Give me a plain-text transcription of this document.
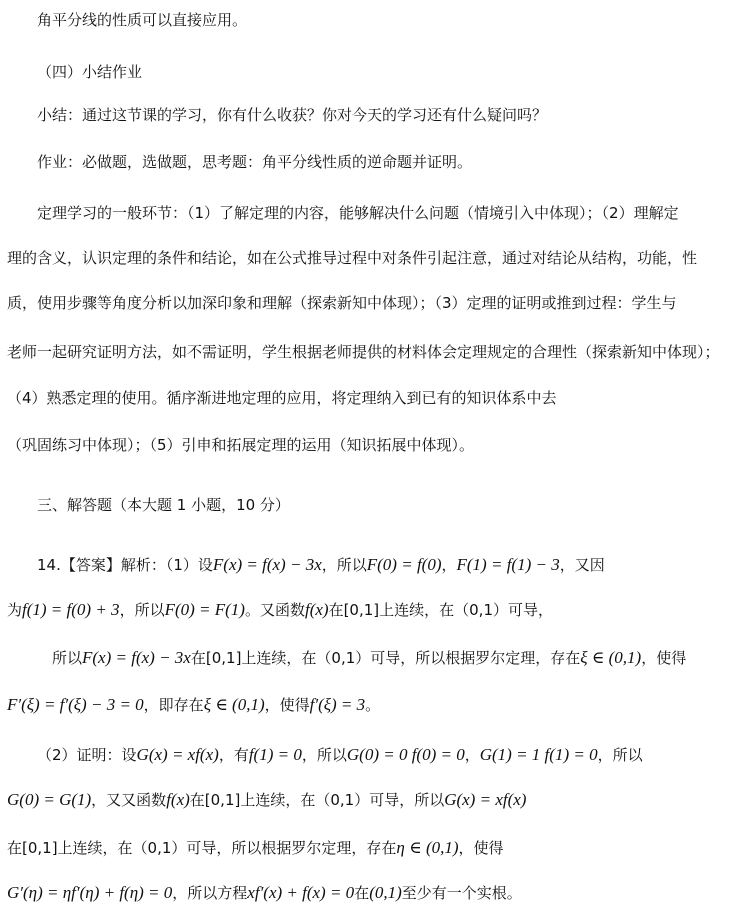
角平分线的性质可以直接应用。
（四）小结作业
小结：通过这节课的学习，你有什么收获？你对今天的学习还有什么疑问吗？
作业：必做题，选做题，思考题：角平分线性质的逆命题并证明。
定理学习的一般环节：（1）了解定理的内容，能够解决什么问题（情境引入中体现）；（2）理解定
理的含义，认识定理的条件和结论，如在公式推导过程中对条件引起注意，通过对结论从结构，功能，性
质，使用步骤等角度分析以加深印象和理解（探索新知中体现）；（3）定理的证明或推到过程：学生与
老师一起研究证明方法，如不需证明，学生根据老师提供的材料体会定理规定的合理性（探索新知中体现）；
（4）熟悉定理的使用。循序渐进地定理的应用，将定理纳入到已有的知识体系中去
（巩固练习中体现）；（5）引申和拓展定理的运用（知识拓展中体现）。
三、解答题（本大题 1 小题，10 分）
14.【答案】解析：（1）设F(x) = f(x) − 3x，所以F(0) = f(0)，F(1) = f(1) − 3，又因
为f(1) = f(0) + 3，所以F(0) = F(1)。又函数f(x)在[0,1]上连续，在（0,1）可导，
所以F(x) = f(x) − 3x在[0,1]上连续，在（0,1）可导，所以根据罗尔定理，存在ξ ∈ (0,1)，使得
F′(ξ) = f′(ξ) − 3 = 0，即存在ξ ∈ (0,1)，使得f′(ξ) = 3。
（2）证明：设G(x) = xf(x)，有f(1) = 0，所以G(0) = 0 f(0) = 0，G(1) = 1 f(1) = 0，所以
G(0) = G(1)，又又函数f(x)在[0,1]上连续，在（0,1）可导，所以G(x) = xf(x)
在[0,1]上连续，在（0,1）可导，所以根据罗尔定理，存在η ∈ (0,1)，使得
G′(η) = ηf′(η) + f(η) = 0，所以方程xf′(x) + f(x) = 0在(0,1)至少有一个实根。
